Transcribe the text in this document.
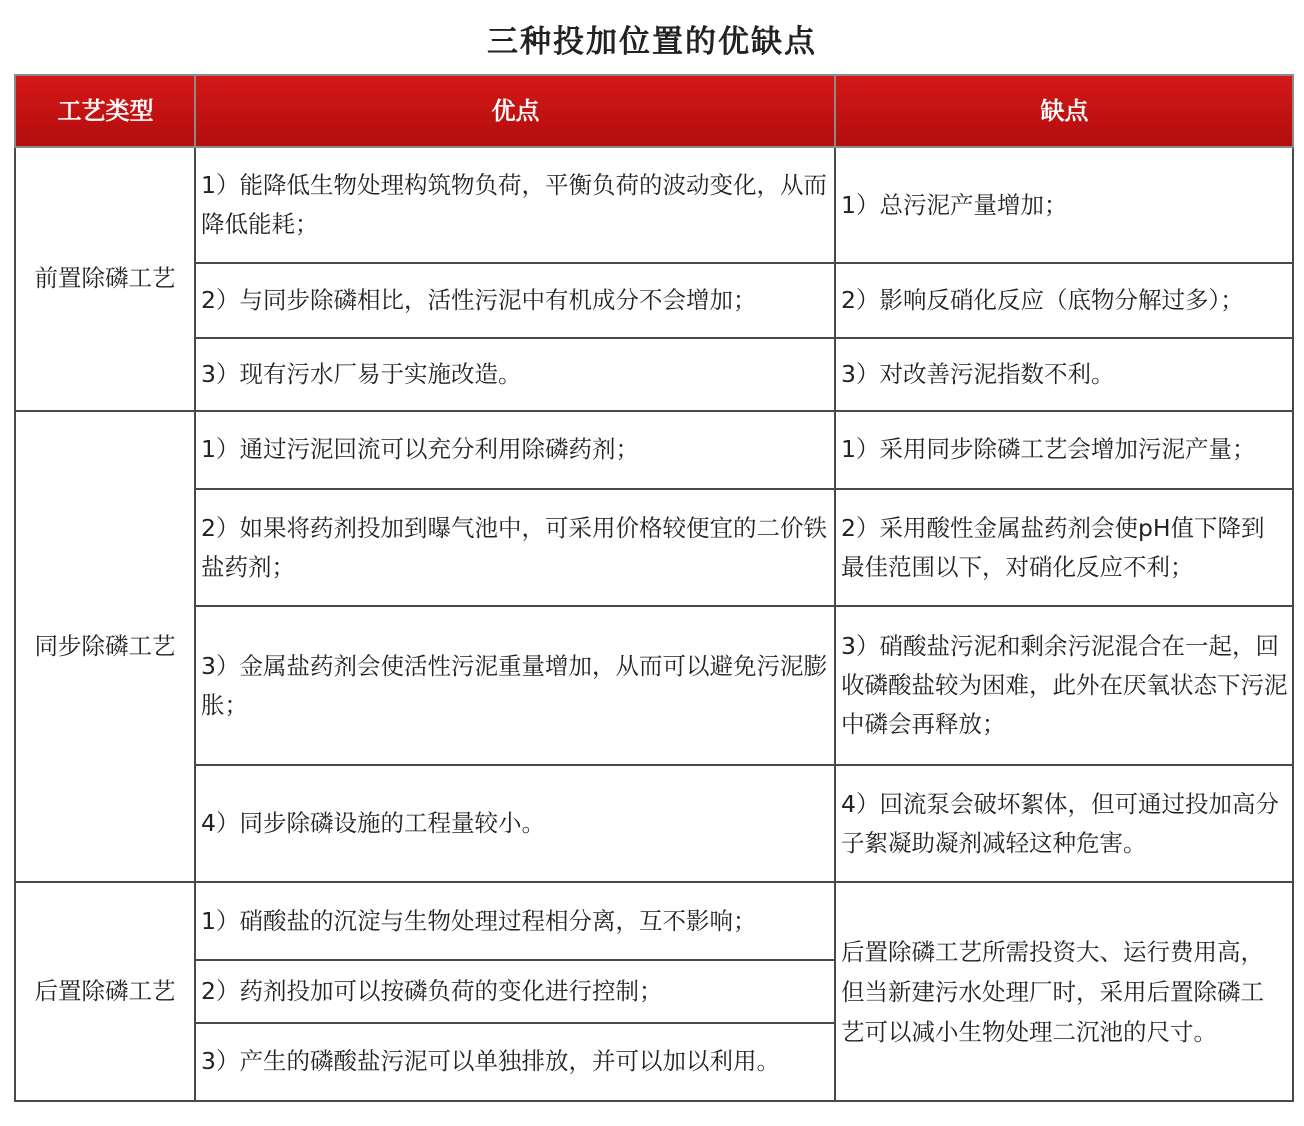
三种投加位置的优缺点
工艺类型	优点	缺点
前置除磷工艺	1）能降低生物处理构筑物负荷，平衡负荷的波动变化，从而降低能耗；	1）总污泥产量增加；
	2）与同步除磷相比，活性污泥中有机成分不会增加；	2）影响反硝化反应（底物分解过多）；
	3）现有污水厂易于实施改造。	3）对改善污泥指数不利。
同步除磷工艺	1）通过污泥回流可以充分利用除磷药剂；	1）采用同步除磷工艺会增加污泥产量；
	2）如果将药剂投加到曝气池中，可采用价格较便宜的二价铁盐药剂；	2）采用酸性金属盐药剂会使pH值下降到最佳范围以下，对硝化反应不利；
	3）金属盐药剂会使活性污泥重量增加，从而可以避免污泥膨胀；	3）硝酸盐污泥和剩余污泥混合在一起，回收磷酸盐较为困难，此外在厌氧状态下污泥中磷会再释放；
	4）同步除磷设施的工程量较小。	4）回流泵会破坏絮体，但可通过投加高分子絮凝助凝剂减轻这种危害。
后置除磷工艺	1）硝酸盐的沉淀与生物处理过程相分离，互不影响；	后置除磷工艺所需投资大、运行费用高，但当新建污水处理厂时，采用后置除磷工艺可以减小生物处理二沉池的尺寸。
	2）药剂投加可以按磷负荷的变化进行控制；	
	3）产生的磷酸盐污泥可以单独排放，并可以加以利用。	
